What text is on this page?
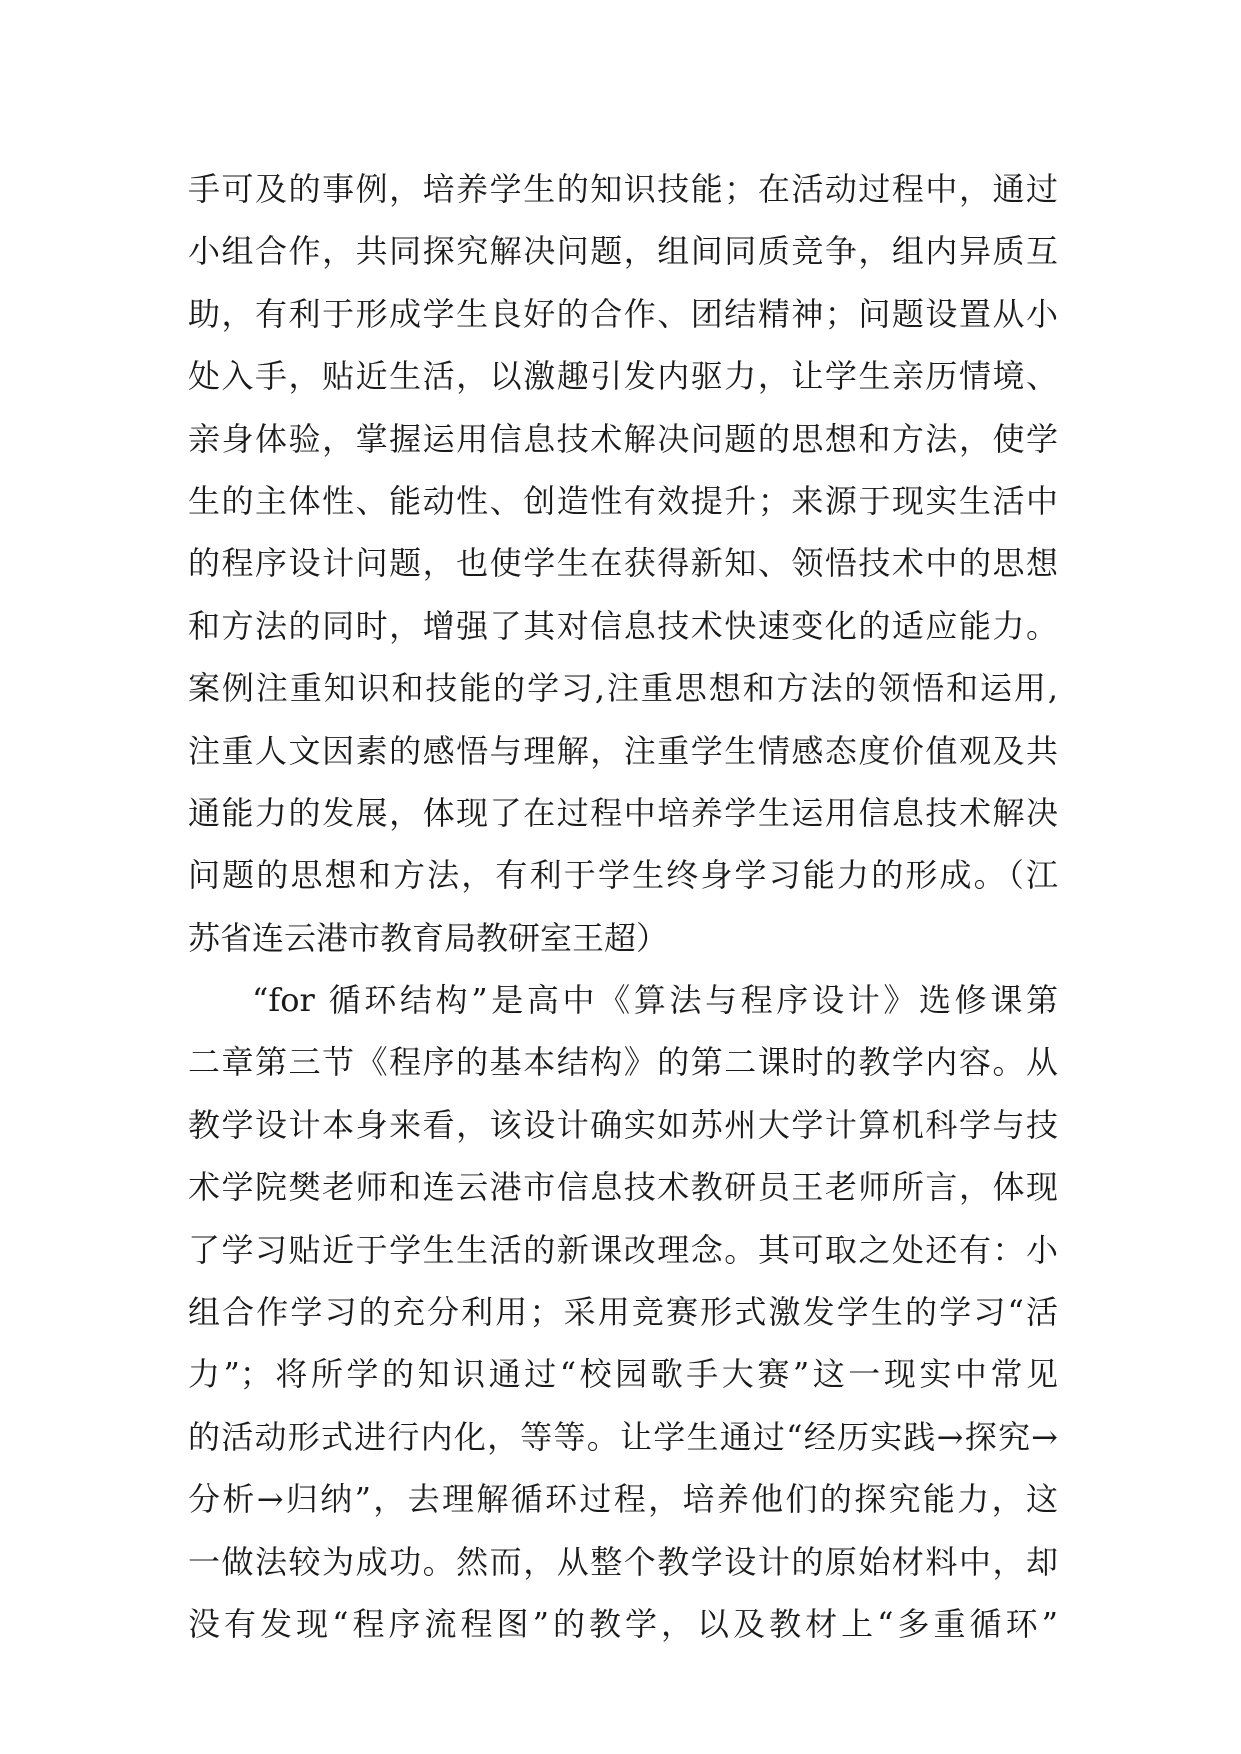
手可及的事例，培养学生的知识技能；在活动过程中，通过
小组合作，共同探究解决问题，组间同质竞争，组内异质互
助，有利于形成学生良好的合作、团结精神；问题设置从小
处入手，贴近生活，以激趣引发内驱力，让学生亲历情境、
亲身体验，掌握运用信息技术解决问题的思想和方法，使学
生的主体性、能动性、创造性有效提升；来源于现实生活中
的程序设计问题，也使学生在获得新知、领悟技术中的思想
和方法的同时，增强了其对信息技术快速变化的适应能力。
案例注重知识和技能的学习,注重思想和方法的领悟和运用,
注重人文因素的感悟与理解，注重学生情感态度价值观及共
通能力的发展，体现了在过程中培养学生运用信息技术解决
问题的思想和方法，有利于学生终身学习能力的形成。（江
苏省连云港市教育局教研室王超）
“for 循环结构”是高中《算法与程序设计》选修课第
二章第三节《程序的基本结构》的第二课时的教学内容。从
教学设计本身来看，该设计确实如苏州大学计算机科学与技
术学院樊老师和连云港市信息技术教研员王老师所言，体现
了学习贴近于学生生活的新课改理念。其可取之处还有：小
组合作学习的充分利用；采用竞赛形式激发学生的学习“活
力”；将所学的知识通过“校园歌手大赛”这一现实中常见
的活动形式进行内化，等等。让学生通过“经历实践→探究→
分析→归纳”，去理解循环过程，培养他们的探究能力，这
一做法较为成功。然而，从整个教学设计的原始材料中，却
没有发现“程序流程图”的教学，以及教材上“多重循环”
